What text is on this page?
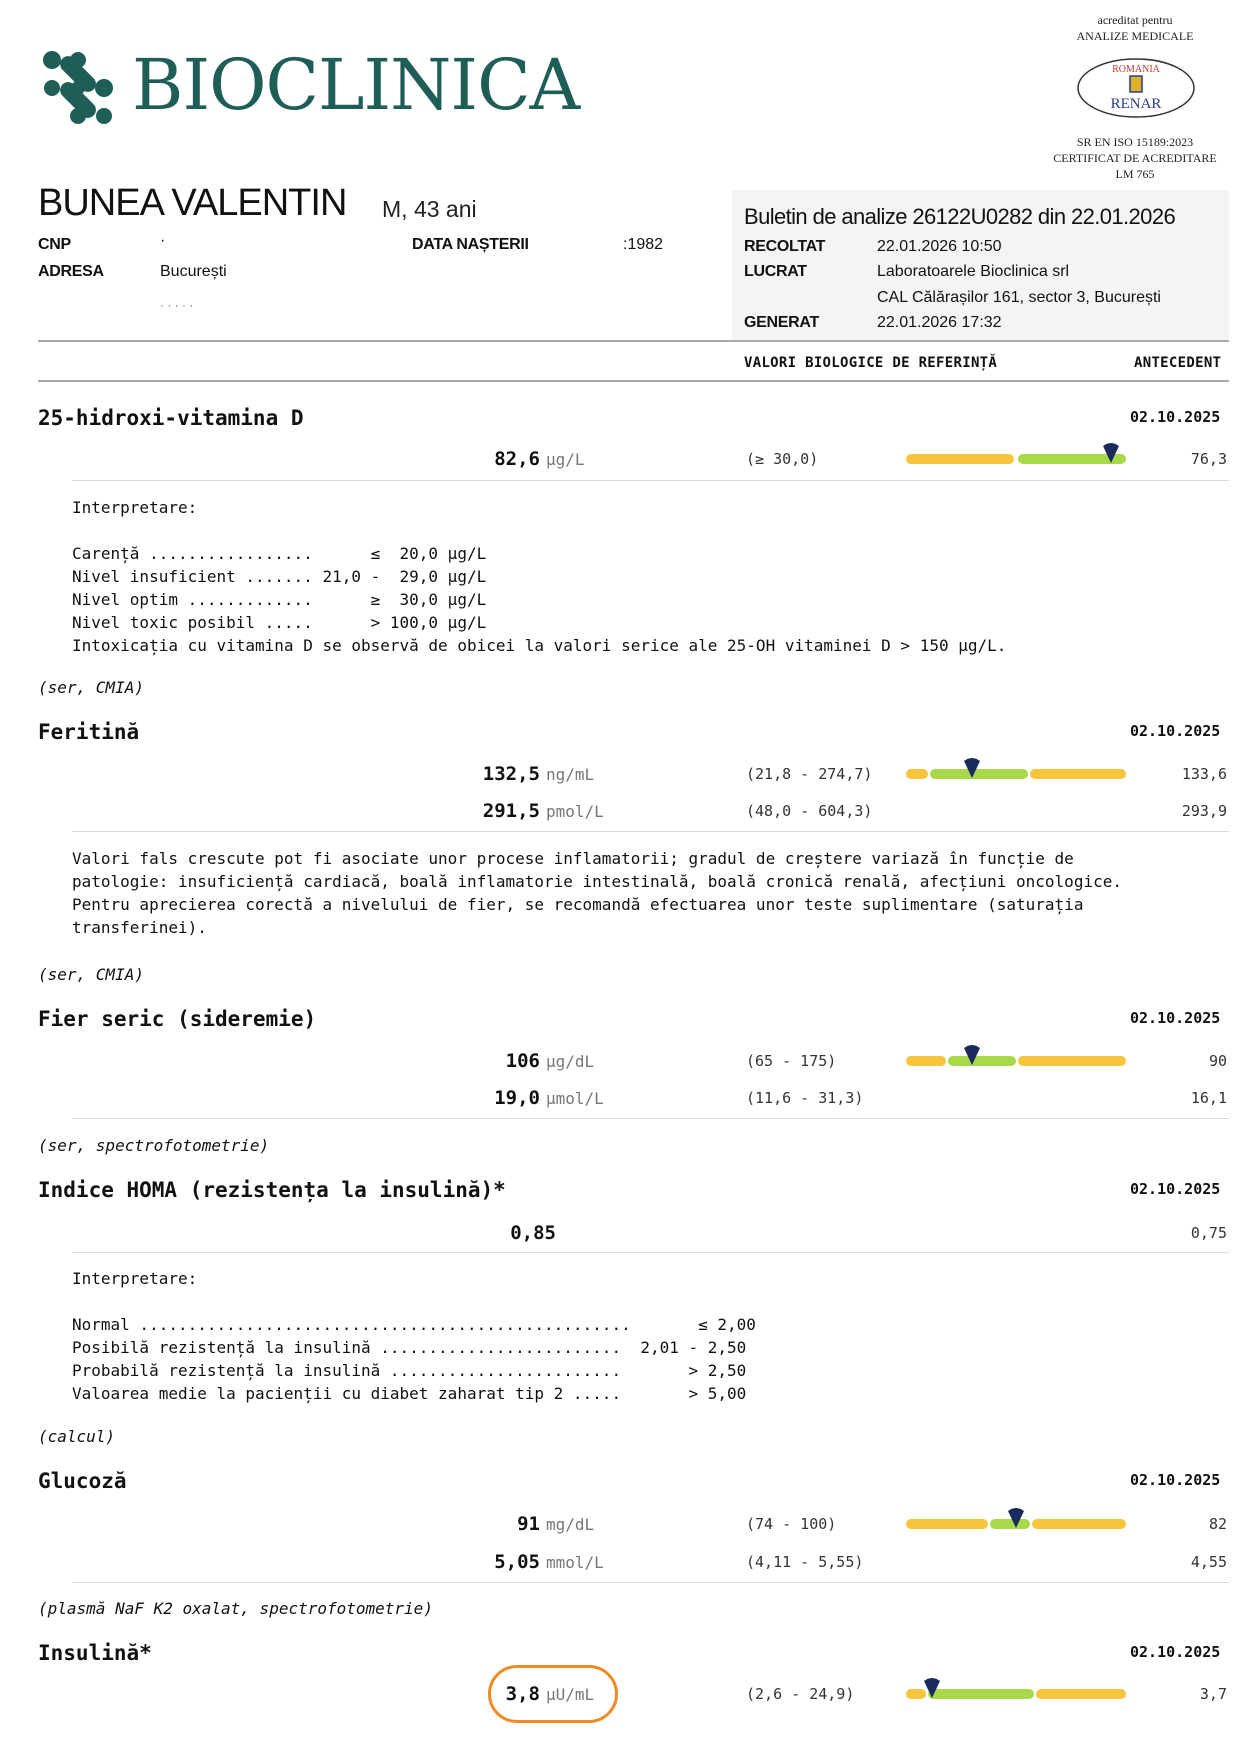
BIOCLINICA
acreditat pentru
ANALIZE MEDICALE
ROMANIA
RENAR
SR EN ISO 15189:2023
CERTIFICAT DE ACREDITARE
LM 765
BUNEA VALENTIN M, 43 ani
CNP	·	DATA NAȘTERII	:1982
ADRESA	București
· · · · ·
Buletin de analize 26122U0282 din 22.01.2026
RECOLTAT	22.01.2026 10:50
LUCRAT	Laboratoarele Bioclinica srl
CAL Călărașilor 161, sector 3, București
GENERAT	22.01.2026 17:32
VALORI BIOLOGICE DE REFERINȚĂ	ANTECEDENT
25-hidroxi-vitamina D	02.10.2025
82,6 µg/L	(≥ 30,0)	76,3
Interpretare:

Carență .................      ≤  20,0 µg/L
Nivel insuficient ....... 21,0 -  29,0 µg/L
Nivel optim .............      ≥  30,0 µg/L
Nivel toxic posibil .....      > 100,0 µg/L
Intoxicația cu vitamina D se observă de obicei la valori serice ale 25-OH vitaminei D > 150 µg/L.
(ser, CMIA)
Feritină	02.10.2025
132,5 ng/mL	(21,8 - 274,7)	133,6
291,5 pmol/L	(48,0 - 604,3)	293,9
Valori fals crescute pot fi asociate unor procese inflamatorii; gradul de creștere variază în funcție de
patologie: insuficiență cardiacă, boală inflamatorie intestinală, boală cronică renală, afecțiuni oncologice.
Pentru aprecierea corectă a nivelului de fier, se recomandă efectuarea unor teste suplimentare (saturația
transferinei).
(ser, CMIA)
Fier seric (sideremie)	02.10.2025
106 µg/dL	(65 - 175)	90
19,0 µmol/L	(11,6 - 31,3)	16,1
(ser, spectrofotometrie)
Indice HOMA (rezistența la insulină)*	02.10.2025
0,85	0,75
Interpretare:

Normal ...................................................       ≤ 2,00
Posibilă rezistență la insulină .........................  2,01 - 2,50
Probabilă rezistență la insulină ........................       > 2,50
Valoarea medie la pacienții cu diabet zaharat tip 2 .....       > 5,00
(calcul)
Glucoză	02.10.2025
91 mg/dL	(74 - 100)	82
5,05 mmol/L	(4,11 - 5,55)	4,55
(plasmă NaF K2 oxalat, spectrofotometrie)
Insulină*	02.10.2025
3,8 µU/mL	(2,6 - 24,9)	3,7
